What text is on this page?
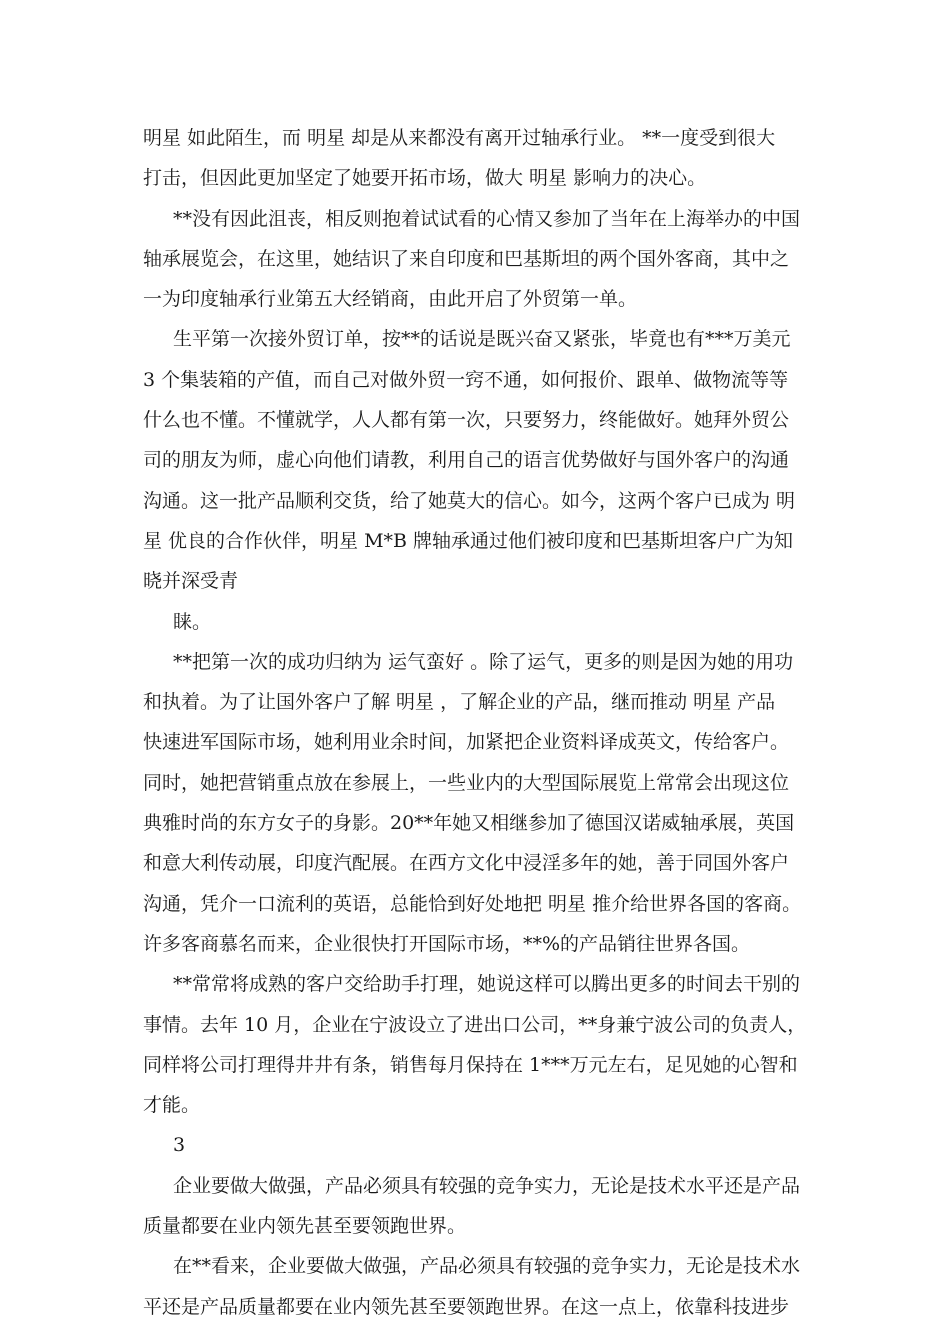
明星 如此陌生，而 明星 却是从来都没有离开过轴承行业。 **一度受到很大
打击，但因此更加坚定了她要开拓市场，做大 明星 影响力的决心。
**没有因此沮丧，相反则抱着试试看的心情又参加了当年在上海举办的中国
轴承展览会，在这里，她结识了来自印度和巴基斯坦的两个国外客商，其中之
一为印度轴承行业第五大经销商，由此开启了外贸第一单。
生平第一次接外贸订单，按**的话说是既兴奋又紧张，毕竟也有***万美元
3 个集装箱的产值，而自己对做外贸一窍不通，如何报价、跟单、做物流等等
什么也不懂。不懂就学，人人都有第一次，只要努力，终能做好。她拜外贸公
司的朋友为师，虚心向他们请教，利用自己的语言优势做好与国外客户的沟通
沟通。这一批产品顺利交货，给了她莫大的信心。如今，这两个客户已成为 明
星 优良的合作伙伴，明星 M*B 牌轴承通过他们被印度和巴基斯坦客户广为知
晓并深受青
睐。
**把第一次的成功归纳为 运气蛮好 。除了运气，更多的则是因为她的用功
和执着。为了让国外客户了解 明星 ，了解企业的产品，继而推动 明星 产品
快速进军国际市场，她利用业余时间，加紧把企业资料译成英文，传给客户。
同时，她把营销重点放在参展上，一些业内的大型国际展览上常常会出现这位
典雅时尚的东方女子的身影。20**年她又相继参加了德国汉诺威轴承展，英国
和意大利传动展，印度汽配展。在西方文化中浸淫多年的她，善于同国外客户
沟通，凭介一口流利的英语，总能恰到好处地把 明星 推介给世界各国的客商。
许多客商慕名而来，企业很快打开国际市场，**%的产品销往世界各国。
**常常将成熟的客户交给助手打理，她说这样可以腾出更多的时间去干别的
事情。去年 10 月，企业在宁波设立了进出口公司，**身兼宁波公司的负责人，
同样将公司打理得井井有条，销售每月保持在 1***万元左右，足见她的心智和
才能。
3
企业要做大做强，产品必须具有较强的竞争实力，无论是技术水平还是产品
质量都要在业内领先甚至要领跑世界。
在**看来，企业要做大做强，产品必须具有较强的竞争实力，无论是技术水
平还是产品质量都要在业内领先甚至要领跑世界。在这一点上，依靠科技进步
